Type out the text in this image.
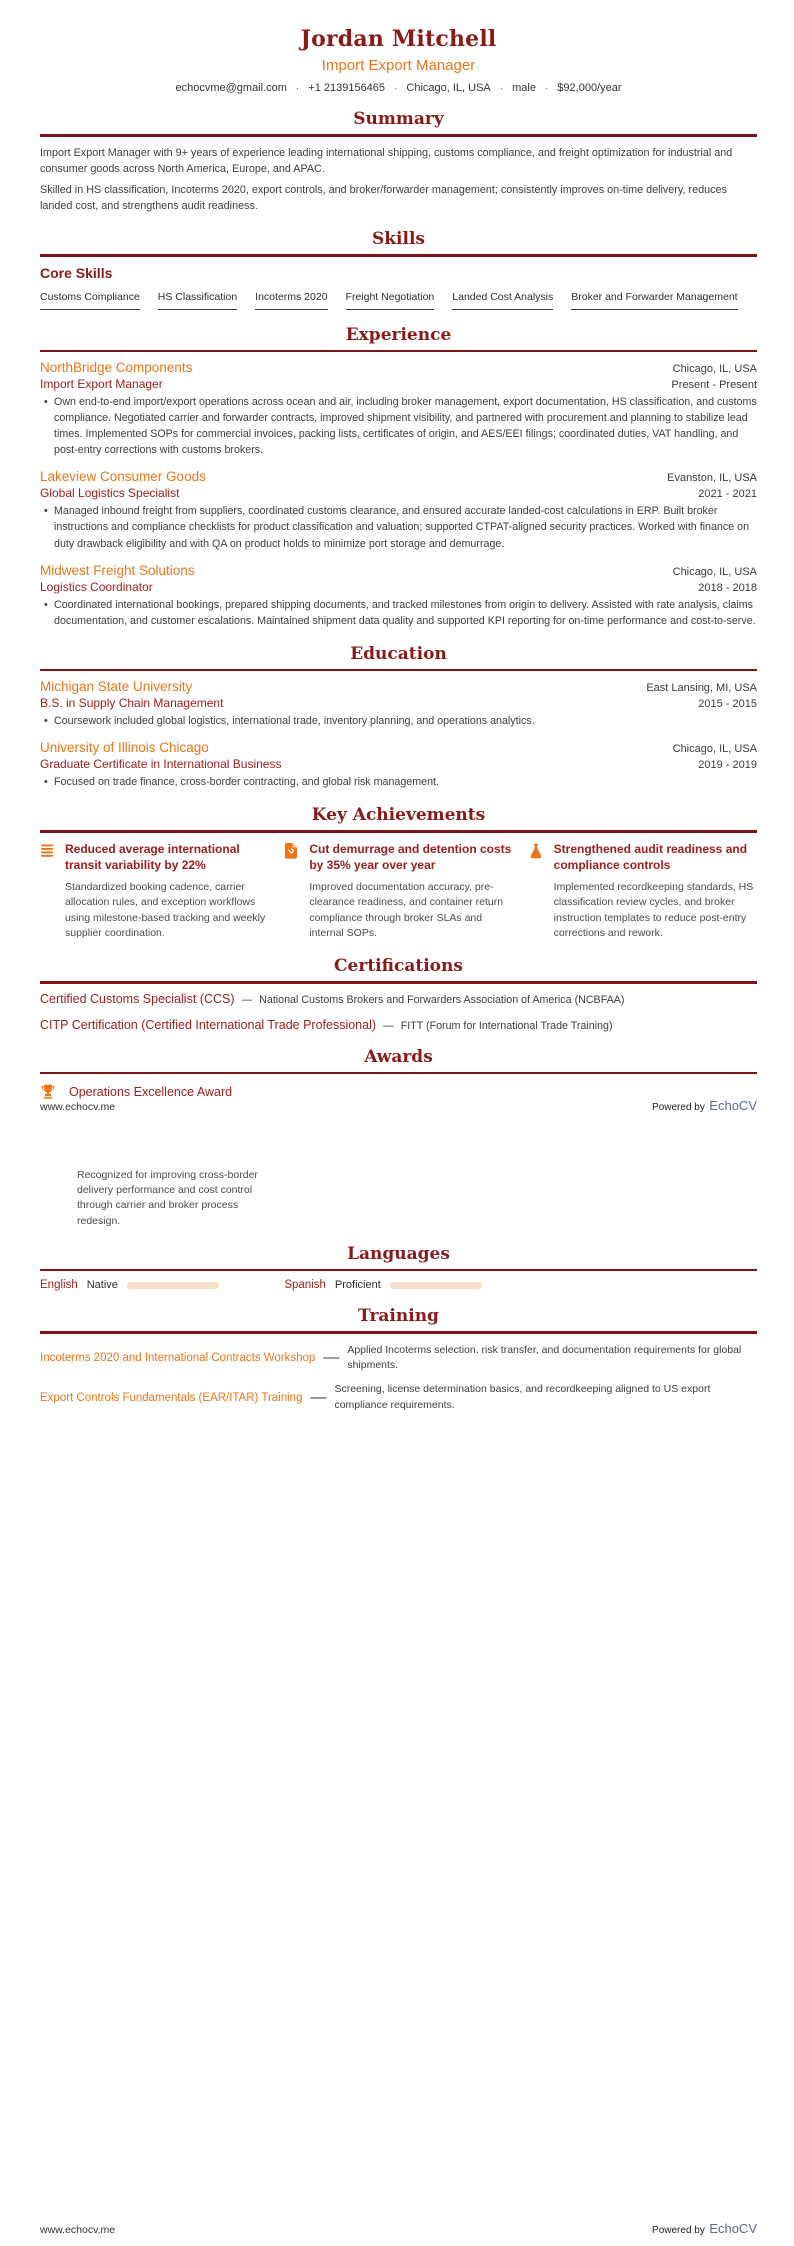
Jordan Mitchell
Import Export Manager
echocvme@gmail.com · +1 2139156465 · Chicago, IL, USA · male · $92,000/year
Summary

Import Export Manager with 9+ years of experience leading international shipping, customs compliance, and freight optimization for industrial and consumer goods across North America, Europe, and APAC.

Skilled in HS classification, Incoterms 2020, export controls, and broker/forwarder management; consistently improves on-time delivery, reduces landed cost, and strengthens audit readiness.

Skills
Core Skills
Customs Compliance HS Classification Incoterms 2020 Freight Negotiation Landed Cost Analysis Broker and Forwarder Management
Experience
NorthBridge Components	Chicago, IL, USA
Import Export Manager	Present - Present
• Own end-to-end import/export operations across ocean and air, including broker management, export documentation, HS classification, and customs compliance. Negotiated carrier and forwarder contracts, improved shipment visibility, and partnered with procurement and planning to stabilize lead times. Implemented SOPs for commercial invoices, packing lists, certificates of origin, and AES/EEI filings; coordinated duties, VAT handling, and post-entry corrections with customs brokers.
Lakeview Consumer Goods	Evanston, IL, USA
Global Logistics Specialist	2021 - 2021
• Managed inbound freight from suppliers, coordinated customs clearance, and ensured accurate landed-cost calculations in ERP. Built broker instructions and compliance checklists for product classification and valuation; supported CTPAT-aligned security practices. Worked with finance on duty drawback eligibility and with QA on product holds to minimize port storage and demurrage.
Midwest Freight Solutions	Chicago, IL, USA
Logistics Coordinator	2018 - 2018
• Coordinated international bookings, prepared shipping documents, and tracked milestones from origin to delivery. Assisted with rate analysis, claims documentation, and customer escalations. Maintained shipment data quality and supported KPI reporting for on-time performance and cost-to-serve.
Education
Michigan State University	East Lansing, MI, USA
B.S. in Supply Chain Management	2015 - 2015
• Coursework included global logistics, international trade, inventory planning, and operations analytics.
University of Illinois Chicago	Chicago, IL, USA
Graduate Certificate in International Business	2019 - 2019
• Focused on trade finance, cross-border contracting, and global risk management.
Key Achievements
Reduced average international transit variability by 22%
Standardized booking cadence, carrier allocation rules, and exception workflows using milestone-based tracking and weekly supplier coordination.
Cut demurrage and detention costs by 35% year over year
Improved documentation accuracy, pre-clearance readiness, and container return compliance through broker SLAs and internal SOPs.
Strengthened audit readiness and compliance controls
Implemented recordkeeping standards, HS classification review cycles, and broker instruction templates to reduce post-entry corrections and rework.
Certifications
Certified Customs Specialist (CCS) — National Customs Brokers and Forwarders Association of America (NCBFAA)
CITP Certification (Certified International Trade Professional) — FITT (Forum for International Trade Training)
Awards
Operations Excellence Award
www.echocv.me	Powered by EchoCV
Recognized for improving cross-border delivery performance and cost control through carrier and broker process redesign.
Languages
English Native	Spanish Proficient
Training
Incoterms 2020 and International Contracts Workshop — Applied Incoterms selection, risk transfer, and documentation requirements for global shipments.
Export Controls Fundamentals (EAR/ITAR) Training — Screening, license determination basics, and recordkeeping aligned to US export compliance requirements.
www.echocv.me	Powered by EchoCV
